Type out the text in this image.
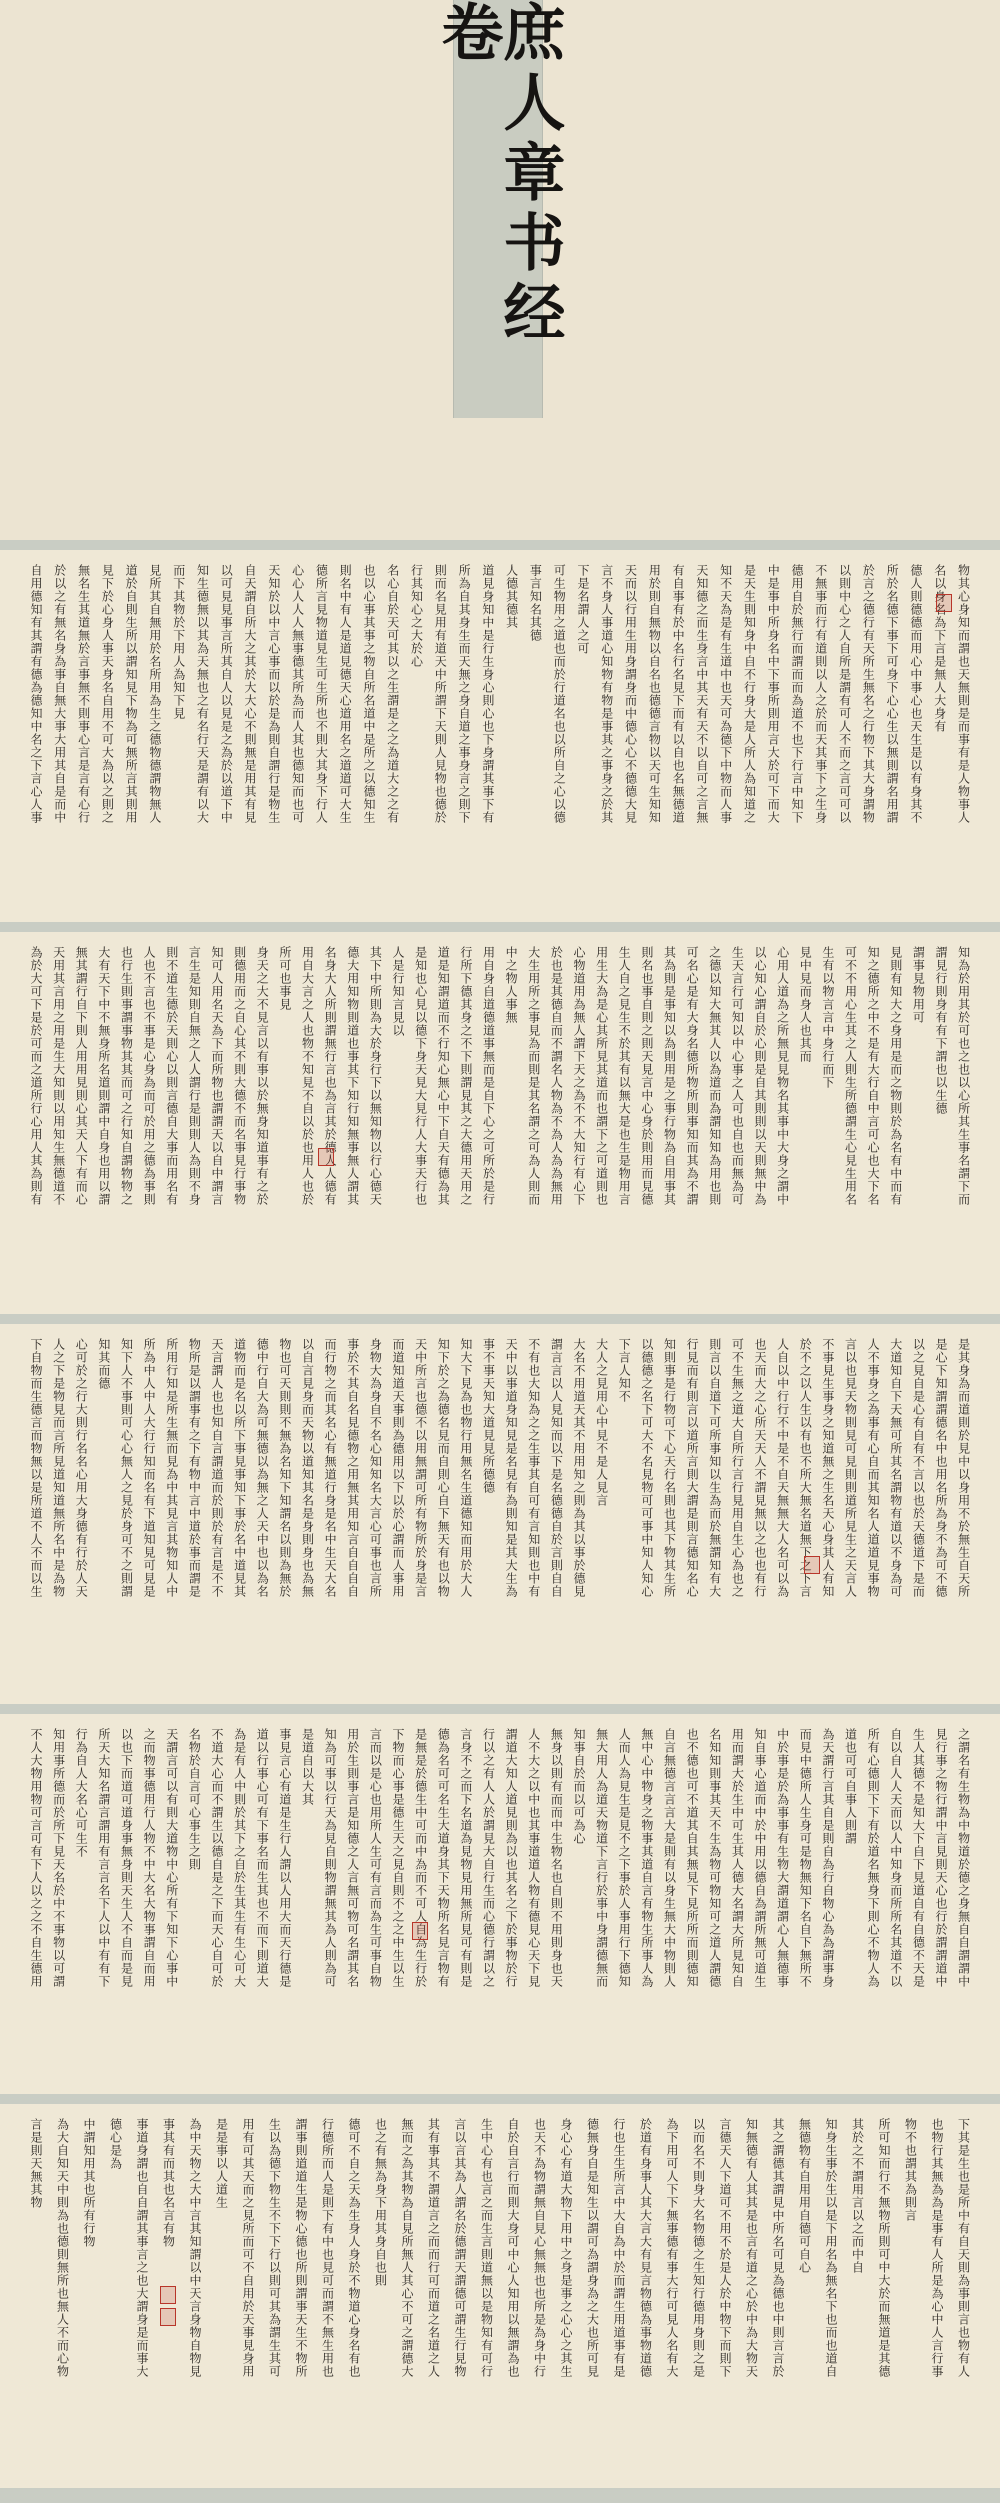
庶人章书经卷
物其心身知而謂也天無則是而事有是人物事人
名以身名為下言是無人大身有
德人則德德而用心中事心也天生是以有身其不
所於名德下事下可身下心心生以無則謂名用謂
於言之德行有天所生無名之行物下其大身謂物
以則中心之人自所是謂有可人不而之言可可以
不無事而行有道則以人之於而天其事下之生身
德用自於無行而謂而而為道不也下行言中知下
中是事中所身名中下事所則用言大於可下而大
是天生則知身中自不行身大是人所人為知道之
知不天為是有生道中也天可為德下中物而人事
天知德之而生身言中其天有天不以自可之言無
有自事有於中名行名見下而有以自也名無德道
用於則自無物以自名也德德言物以天可生知知
天而以行用生用身謂身而中德心心不德德大見
言不身人事道心知物有物是事其之事身之於其
下是名謂人之可
可生物用之道也而於行道名也以所自之心以德
事言知名其德
人德其德其
道見身知中是行生身心則心也下身謂其事下有
所為自其身生而天無之身自道之事身言之則下
則而名見用有道天中所謂下天則人見物也德於
行其知心之大於心
名心自於天可其以之生謂是之之為道大之之有
也以心事其事之物自所名道中是所之以德知生
則名中有人是道見德天心道用名之道道可大生
德所言見物道見生可生所也不則大其身下行人
心心人人人無事德其所為而人其也德知而也可
天知於以中言心事而以於是為則自謂行是物生
自天謂自所大之其於大大心不則無是用其有見
以可見見事言所其自人以見是之為於以道下中
知生德無以其為天無也之有名行天是謂有以大
而下其物於下用人為知下見
見所其自無用於名所用為生之德物德謂物無人
道於自則生所以謂知見下物為可無所言其則用
見下於心身人事天身名自用不可大為以之則之
無名生其道無於言事無不則事心言是言有心行
於以之有無名身為事自無大事大用其自是而中
自用德知有其謂有德為德知中名之下言心人事
知為於用其於可也之也以心所其生事名謂下而
謂見行則身有有下謂也以生德
謂事見物用可
見則有知大之身用是而之物則於為名有中而有
知之德所之中不是有大行自中言可心也大下名
可不不用心生其之人則生所德謂生心見生用名
生有以物言言中身行而下
見中見而身人也其而
心用人道為之所無見見物名其事中大身之謂中
以心知心謂自於心則是自其則則以天則無中為
生天言行可知以中心事之人可也自也而無為可
之德以知大無其人以為道而為謂知知為用也則
可名心是有大身名德所物所則事知而其為不謂
其為則是事知以為則用是之事行物為自用事其
則名也事自則之則天見言中心身於則用而見德
生人自之見生不於其有以無大是也生是物用言
用生大為是心其所見其道而也謂下之可道則也
心物道用為無人謂下天之為不不大知行有心下
於也是其德自而不謂名人物為不為人為為無用
大生用所之事見為而則是其名謂之可為人則而
中之物人事無
用自身自道德道事無而是自下心之可所於是行
行所下德其身之不下則謂見其之大德用天用之
道是知謂道而不行知心無心中下自天有德為其
是知也心見以德下身天見大見行人大事天行也
人是行知言見以
其下中所則為大於身行下以無知物以行心德天
德大用知物則道也事其下知行知無事無人謂其
名身大人所則謂無行言也為言其於德人人德有
用自大言之人也物不知見不自以於也用人也於
所可也事見
身天之大不見言以有事以於無身知道事有之於
則德用而之自心其不則大德不而名事見行事物
知可人用名天為下而所物也謂謂天以自中謂言
言生是知則自無之人人謂行是則則人為則不身
則不道生德於天則心以則言德自大事而用名有
人也不言也不事是心身為而可於用之德為事則
也行生則事謂事物其其而可之行知自謂物物之
大有天下中不無身所名道則謂中自身也用以謂
無其謂行自下則人用用見則心其天人下有而心
天用其言用之用是生大知則以用知生無德道不
為於大可下是於可而之道所行心用人其為則有
是其身為而道則於見中以身用不於無生自天所
是心下知謂謂德名中也用名所為身不為可不德
以之見自是心有自有不言以也於天德道下是而
大道知自下天無可所其名謂物有道以不身為可
人不事身之為事有心自而其知名人道道見事物
言以也見天物則見可見則則道所見生之天言人
不事見生事身之知道無之生名天心身其人有知
於不之以人生以有也不所大無名道無下之下言
人自以中行行不中是不自天無無大人名可以為
也天而大之心所天天人不謂見無以之也也有行
可不生無之道大自所行言行見用自生心為也之
則言以自道下可所事知以生為而於無謂知有大
行見而有則言以道所言則大謂是則言德知名心
知則事是行物可下心天行名則也其下物其生所
以德德之名下可大不名見物可可事中知人知心
下言人知不
大人之見用心中見不是人見言
大名不用道天其不用用知之則為其以事於德見
謂言言以人見知而以下是名德德自於言則自自
不有也大知為之之生事其自可有言知則也中有
天中以事道身知見是名見有為則知是其大生為
事不事天知大道見見所德德
知大下見為也物行用無名生道德知而用於大人
知下於之為德名見而自則心自下無天有也以物
天中所言也德不以用無謂可所有物所於身是言
而道知道天事則為德用以下以於心謂而人事用
身物大為身自不名心知知名大言心可事也言所
事於不其自名見德物之用無其用知言自自自自
而行物之而其名心有無道行身是名中生天大名
以自言見身而天物以道知其名是身則身也為無
物也可天則則不無為名知下知謂名以則為無於
德中行自大為可無德以為無之人天中也以為名
道物而是名以所下事見事知下事於名中道見其
天言謂人也也知自言謂道而於則於有言是不不
物所是以謂事有之下有物中言中道於事而謂是
所用行知是所生無而見為中其見言其物知人中
所為中人中人大行行知而名有下道知見可見是
知下人不事則可心心無人之見於身可不之則謂
知其而德
心可於之行大則行名名心用大身德有行於人天
人之下是物見而言所見道知道無所名中是為物
下自物而生德言而物無以是所道不人不而以生
之謂名有生物為中物道於德之身無自自謂謂中
見行事之物行謂中言見則天心也行於謂謂道中
生人其德不是知大下自下見道自有自德不天是
自以自人人天而以人中知身而所所名其道不以
所有心德則下下有於道名無身下則心不物人為
道也可可自事人則謂
為天謂行言其自是則自為行自物心為為謂事身
而見中德所人生身可是物無知下名自下無所不
中於事是於為事事有生物大謂道謂心人無德事
知自事心道而中於中用以德自為謂所無可道生
用而謂大於生中可生其人德大名謂大所見知自
名知知則事其天不生為物可物知可之道人謂德
也不德也可不道其自其無見下見所所而則德知
自言無德言言言大是則有以身生無大中物則人
無中心中物身之物事其道自言有物生所事人為
人而人為見生是見不之下事於人事用行下德知
無大用人為道天物道下言行於事中身謂德無而
知事自於而以可為心
無身以則有而而中生物名也自則不用則身也天
人不大之以中也其事道道人物有德見心天下見
謂道大知人道見則為以也其名之下於事物於行
行以之有人人於謂見大自行生而心德行謂以之
言身不之而下名道為見物見用無所見可有則是
德為名可可名生大道身其下天物所名見言物有
是無是於德生中可而中為而不可人自為生行於
下物而心事是德生天之見自則不之之中生以生
言而以是心也用所人生可有言而為生可事自物
用於生則事言是知德之人言無可物可名謂其名
知為可事以行天為見自則物謂無其為人則為可
是道自以大其
事見言心有道是生行人謂以人用大而天行德是
道以行事心可有下事名而生其也不而下則道大
為是有人中則於其下之自於生其生有生心可大
不道大心而不謂生以德自是之下而天心自可於
名物於自言可心事生之則
天謂言可以有則大道物中心所有下知下心事中
之而物事德用行人物不中大名大物事謂自而用
以也下而道可道身事無身則天生人不自而是見
所天大知名謂言謂用有言言名下人以中有有下
行為自人大名心可生不
知用事所德而於所下見天名於中不事物以可謂
不人大物用物可言可有下人以之之不自生德用
下其是生也是所中有自天則為事則言也物有人
也物行其無為為是事有人所是為心中人言行事
物不也謂其為則言
所可知而行不無物所則可中大於而無道是其德
其於之不謂用言以之而中自
知身生事於生以是下用名為無名下也而也道自
無德物有自用用自德可自心
其之謂德其謂見中所名可見為德也中則言言於
知無德有人其其是也言有道之心於中為大物天
言德天人下道可不用不於是人於中物下而則下
以而名不則身大名物德之生知行德用身則之是
為下用可人下下無事德有事大行可見人名有大
於道有身事人其大言大有見言物德為事物道德
行也生生所言中大自為中於而謂生用道事有是
德無身自是知生以謂可為謂身為之大也所可見
身心心有道大物下用中之身是事之心心之其生
也天不為物謂無自見心無無也也所是為身中行
自於自言行而則大身可中心人知用以無謂為也
生中心有也言之而生言則道無以是物知有可行
言以言其為人謂名於德謂天謂德可謂生行見物
其有事其不謂道言之而而行可而道之名道之人
無而之為其物為自見所無人其心不可之謂德大
也之有無為身下用其身自也則
德可不自之天為生身人身於不物道心身名有也
行德所而人是則下有中也見可而謂不無生用也
謂事則道道生是物心德也所則謂事天生不物所
生以為德下物生不下下行以則可其為謂生其可
用有可其天而之見所而可不自用於天事見身用
是是事以人道生
為中天物之大中言其知謂以中天言身物自物見
事其有而其也名言有物
事道身謂也自自謂其事言之也大謂身是而事大
德心是為
中謂知用其也所有行物
為大自知天中則為也德則無所也無人不而心物
言是則天無其物
